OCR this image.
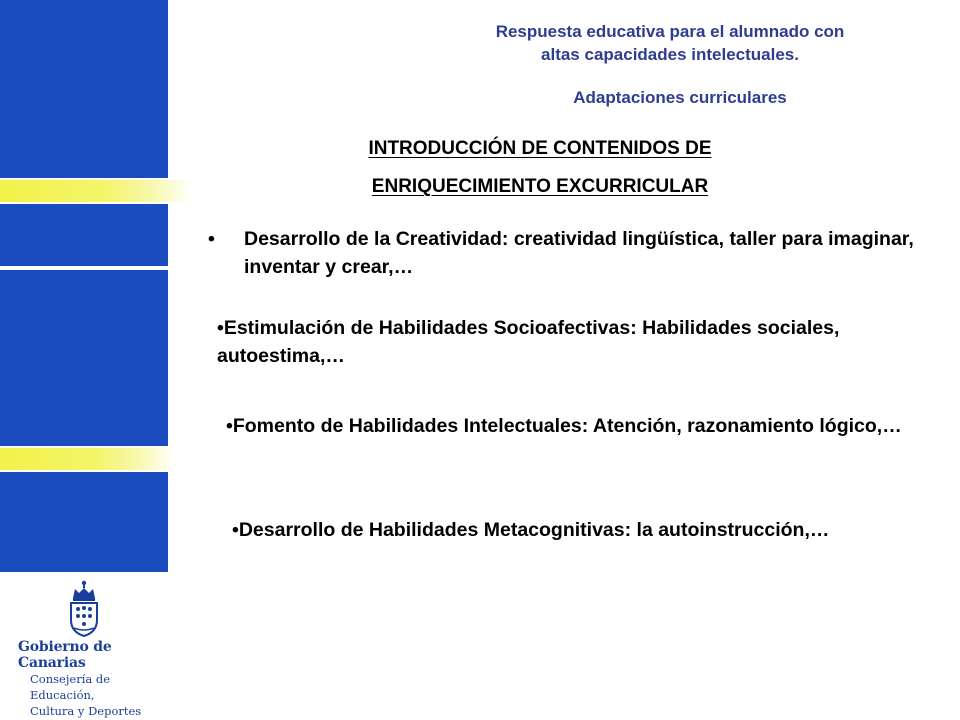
Gobierno de Canarias
Consejería de Educación,
Cultura y Deportes
Respuesta educativa para el alumnado con
altas capacidades intelectuales.
Adaptaciones curriculares
INTRODUCCIÓN DE CONTENIDOS DE
ENRIQUECIMIENTO EXCURRICULAR
• Desarrollo de la Creatividad: creatividad lingüística, taller para imaginar, inventar y crear,…
•Estimulación de Habilidades Socioafectivas: Habilidades sociales, autoestima,…
•Fomento de Habilidades Intelectuales: Atención, razonamiento lógico,…
•Desarrollo de Habilidades Metacognitivas: la autoinstrucción,…
